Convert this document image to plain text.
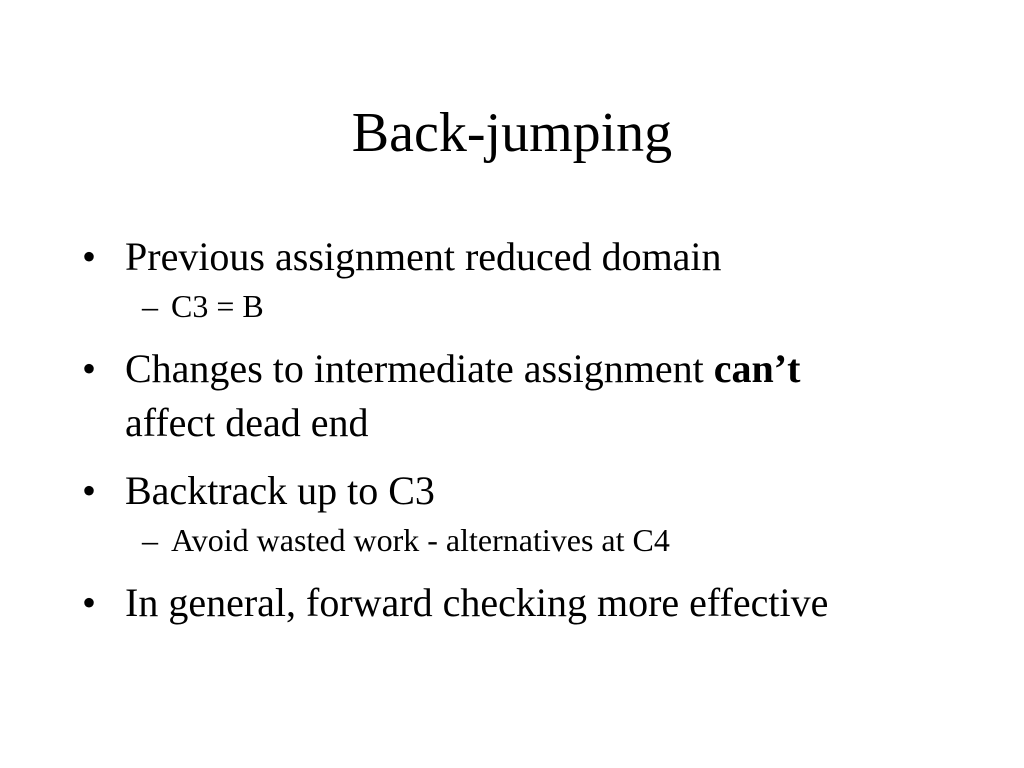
Back-jumping
• Previous assignment reduced domain
– C3 = B
• Changes to intermediate assignment can’t
affect dead end
• Backtrack up to C3
– Avoid wasted work - alternatives at C4
• In general, forward checking more effective
